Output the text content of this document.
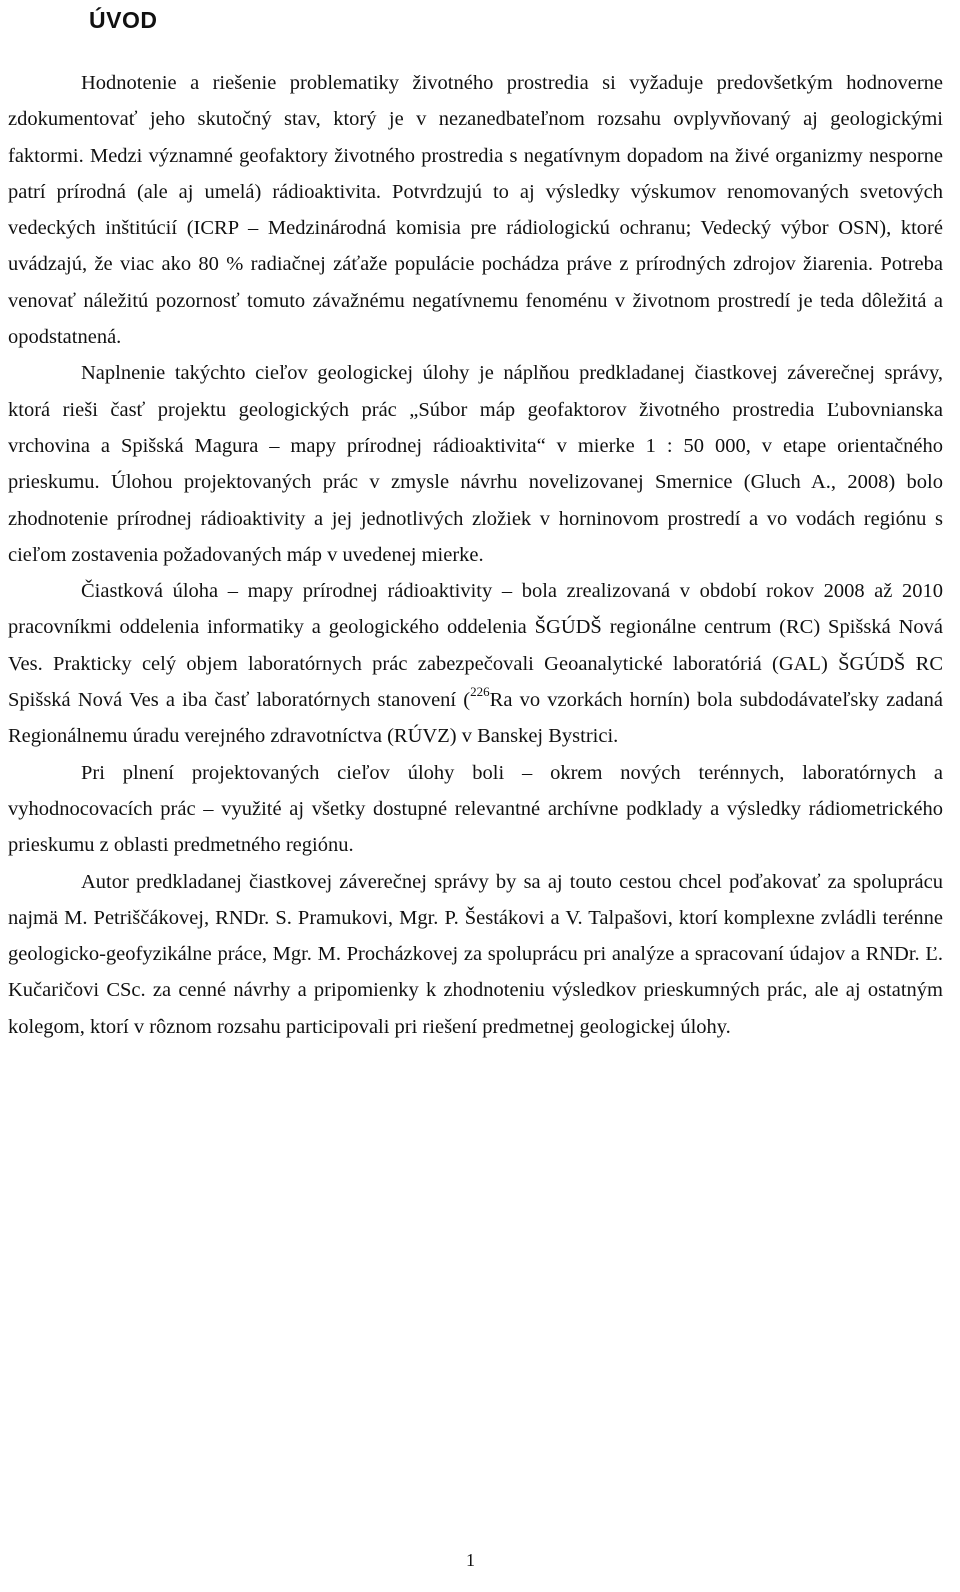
ÚVOD

Hodnotenie a riešenie problematiky životného prostredia si vyžaduje predovšetkým hodnoverne zdokumentovať jeho skutočný stav, ktorý je v nezanedbateľnom rozsahu ovplyvňovaný aj geologickými faktormi. Medzi významné geofaktory životného prostredia s negatívnym dopadom na živé organizmy nesporne patrí prírodná (ale aj umelá) rádioaktivita. Potvrdzujú to aj výsledky výskumov renomovaných svetových vedeckých inštitúcií (ICRP – Medzinárodná komisia pre rádiologickú ochranu; Vedecký výbor OSN), ktoré uvádzajú, že viac ako 80 % radiačnej záťaže populácie pochádza práve z prírodných zdrojov žiarenia. Potreba venovať náležitú pozornosť tomuto závažnému negatívnemu fenoménu v životnom prostredí je teda dôležitá a opodstatnená.

Naplnenie takýchto cieľov geologickej úlohy je náplňou predkladanej čiastkovej záverečnej správy, ktorá rieši časť projektu geologických prác „Súbor máp geofaktorov životného prostredia Ľubovnianska vrchovina a Spišská Magura – mapy prírodnej rádioaktivita“ v mierke 1 : 50 000, v etape orientačného prieskumu. Úlohou projektovaných prác v zmysle návrhu novelizovanej Smernice (Gluch A., 2008) bolo zhodnotenie prírodnej rádioaktivity a jej jednotlivých zložiek v horninovom prostredí a vo vodách regiónu s cieľom zostavenia požadovaných máp v uvedenej mierke.

Čiastková úloha – mapy prírodnej rádioaktivity – bola zrealizovaná v období rokov 2008 až 2010 pracovníkmi oddelenia informatiky a geologického oddelenia ŠGÚDŠ regionálne centrum (RC) Spišská Nová Ves. Prakticky celý objem laboratórnych prác zabezpečovali Geoanalytické laboratóriá (GAL) ŠGÚDŠ RC Spišská Nová Ves a iba časť laboratórnych stanovení ($^{226}$Ra vo vzorkách hornín) bola subdodávateľsky zadaná Regionálnemu úradu verejného zdravotníctva (RÚVZ) v Banskej Bystrici.

Pri plnení projektovaných cieľov úlohy boli – okrem nových terénnych, laboratórnych a vyhodnocovacích prác – využité aj všetky dostupné relevantné archívne podklady a výsledky rádiometrického prieskumu z oblasti predmetného regiónu.

Autor predkladanej čiastkovej záverečnej správy by sa aj touto cestou chcel poďakovať za spoluprácu najmä M. Petriščákovej, RNDr. S. Pramukovi, Mgr. P. Šestákovi a V. Talpašovi, ktorí komplexne zvládli terénne geologicko-geofyzikálne práce, Mgr. M. Procházkovej za spoluprácu pri analýze a spracovaní údajov a RNDr. Ľ. Kučaričovi CSc. za cenné návrhy a pripomienky k zhodnoteniu výsledkov prieskumných prác, ale aj ostatným kolegom, ktorí v rôznom rozsahu participovali pri riešení predmetnej geologickej úlohy.

1
